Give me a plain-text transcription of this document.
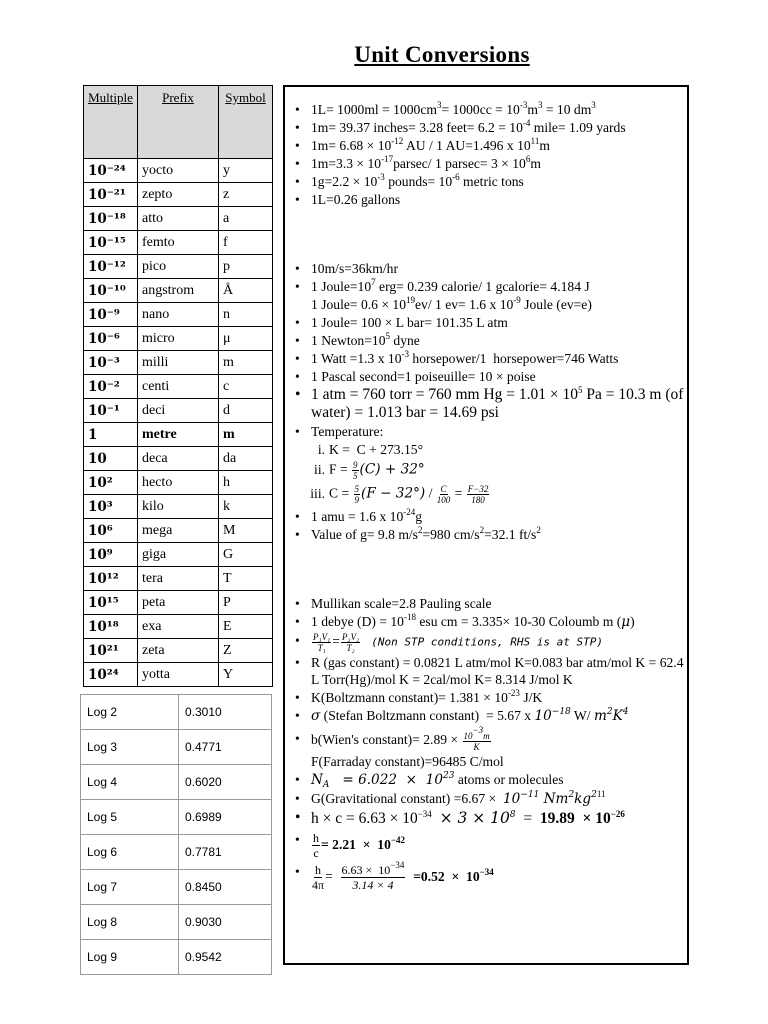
Unit Conversions
Multiple	Prefix	Symbol
10⁻²⁴	yocto	y
10⁻²¹	zepto	z
10⁻¹⁸	atto	a
10⁻¹⁵	femto	f
10⁻¹²	pico	p
10⁻¹⁰	angstrom	Å
10⁻⁹	nano	n
10⁻⁶	micro	μ
10⁻³	milli	m
10⁻²	centi	c
10⁻¹	deci	d
1	metre	m
10	deca	da
10²	hecto	h
10³	kilo	k
10⁶	mega	M
10⁹	giga	G
10¹²	tera	T
10¹⁵	peta	P
10¹⁸	exa	E
10²¹	zeta	Z
10²⁴	yotta	Y
Log 2	0.3010
Log 3	0.4771
Log 4	0.6020
Log 5	0.6989
Log 6	0.7781
Log 7	0.8450
Log 8	0.9030
Log 9	0.9542
• $1L= 1000ml = 1000cm^3= 1000cc = 10^{-3}m^3 = 10$ $dm^3$
• 1m= 39.37 inches= 3.28 feet= $6.2 = 10^{-4}$ mile= 1.09 yards
• $1m= 6.68 \times 10^{-12}$ AU / 1 AU=1.496 x $10^{11}m$
• $1m=3.3 \times 10^{-17}parsec/$ 1 $parsec= 3 \times 10^6m$
• $1g=2.2 \times 10^{-3}$ pounds= $10^{-6}$ metric tons
• 1L=0.26 gallons
• 10m/s=36km/hr
• 1 $Joule=10^7$ erg= 0.239 calorie/ 1 gcalorie= 4.184 J
1 Joule= $0.6 \times 10^{19}ev/$ 1 ev= 1.6 x $10^{-9}$ Joule (ev=e)
• 1 Joule= 100 × L bar= 101.35 L atm
• 1 $Newton=10^5$ dyne
• 1 Watt =1.3 x $10^{-3}$ horsepower/1  horsepower=746 Watts
• 1 Pascal second=1 poiseuille= 10 × poise
• 1 atm = 760 torr = 760 mm $Hg = 1.01 \times 10^5$ Pa = 10.3 m (of water) = 1.013 bar = 14.69 psi
• Temperature:
i. K =  C + 273.15°
ii. $F = \frac{9}{5} (C) + 32^\circ$
iii. $C = \frac{5}{9} (F - 32^\circ) / \frac{C}{100} = \frac{F-32}{180}$
• 1 amu = 1.6 x $10^{-24}g$
• Value of g= 9.8 $m/s^2=980$ $cm/s^2=32.1$ $ft/s^2$
• Mullikan scale=2.8 Pauling scale
• 1 debye $(D) = 10^{-18}$ esu cm = 3.335× 10-30 Coloumb m (μ)
• $\frac{\text{P₁V₁}}{\text{T₁}} = \frac{\text{P₂V₂}}{\text{T₂}} (Non$ STP conditions, RHS is at STP)
• R (gas constant) = 0.0821 L atm/mol K=0.083 bar atm/mol K = 62.4 L Torr(Hg)/mol K = 2cal/mol K= 8.314 J/mol K
• K(Boltzmann constant)= $1.381 \times 10^{-23}$ J/K
• σ (Stefan Boltzmann constant)  = 5.67 x $10^{-18}$ W/ $m^2K^4$
• b(Wien's constant)= $2.89 \times \frac{10^{-3}m}{K}$
F(Farraday constant)=96485 C/mol
• $N_A = 6.022 \times 10^{23}$ atoms or molecules
• G(Gravitational constant) $=6.67 \times 10^{-11}$ $Nm^2kg^{211}$
• $h \times c = 6.63 \times 10^{-34} \times 3 \times 10^8 = 19.89 \times 10^{-26}$
• $\frac{h}{c} = 2.21 \times 10^{-42}$
• $\frac{h}{4\pi} = \frac{6.63 \times 10^{-34}}{3.14 \times 4} =0.52 \times 10^{-34}$
